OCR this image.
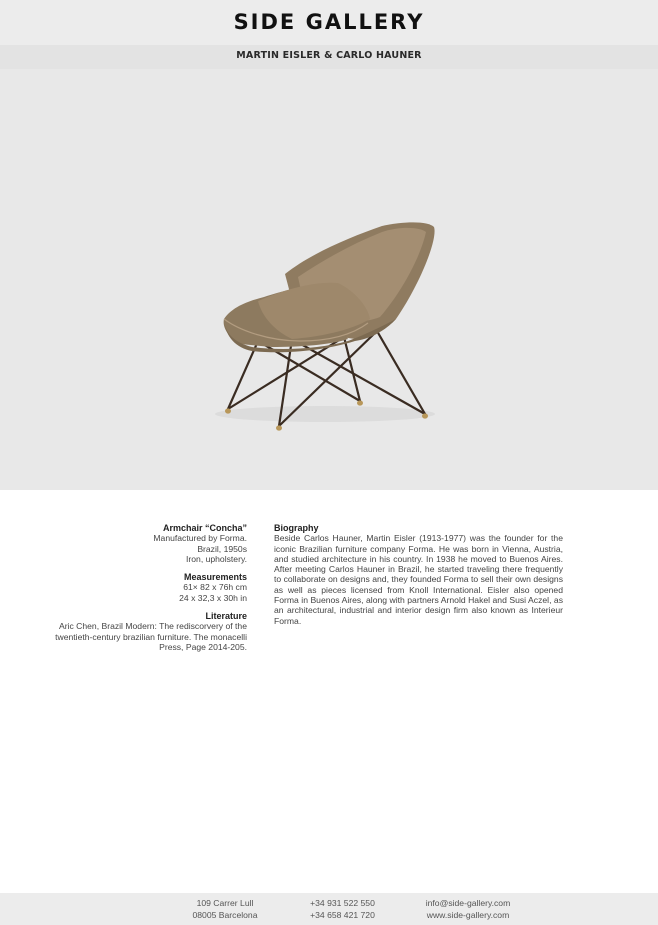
SIDE GALLERY
MARTIN EISLER & CARLO HAUNER
Armchair “Concha”
Manufactured by Forma.
Brazil, 1950s
Iron, upholstery.
Measurements
61× 82 x 76h cm
24 x 32,3 x 30h in
Literature
Aric Chen, Brazil Modern: The rediscorvery of the
twentieth-century brazilian furniture. The monacelli
Press, Page 2014-205.
Biography
Beside Carlos Hauner, Martin Eisler (1913-1977) was the founder for the iconic Brazilian furniture company Forma. He was born in Vienna, Austria, and studied architecture in his country. In 1938 he moved to Buenos Aires. After meeting Carlos Hauner in Brazil, he started traveling there frequently to collaborate on designs and, they founded Forma to sell their own designs as well as pieces licensed from Knoll International. Eisler also opened Forma in Buenos Aires, along with partners Arnold Hakel and Susi Aczel, as an architectural, industrial and interior design firm also known as Interieur Forma.
109 Carrer Lull
08005 Barcelona
+34 931 522 550
+34 658 421 720
info@side-gallery.com
www.side-gallery.com
